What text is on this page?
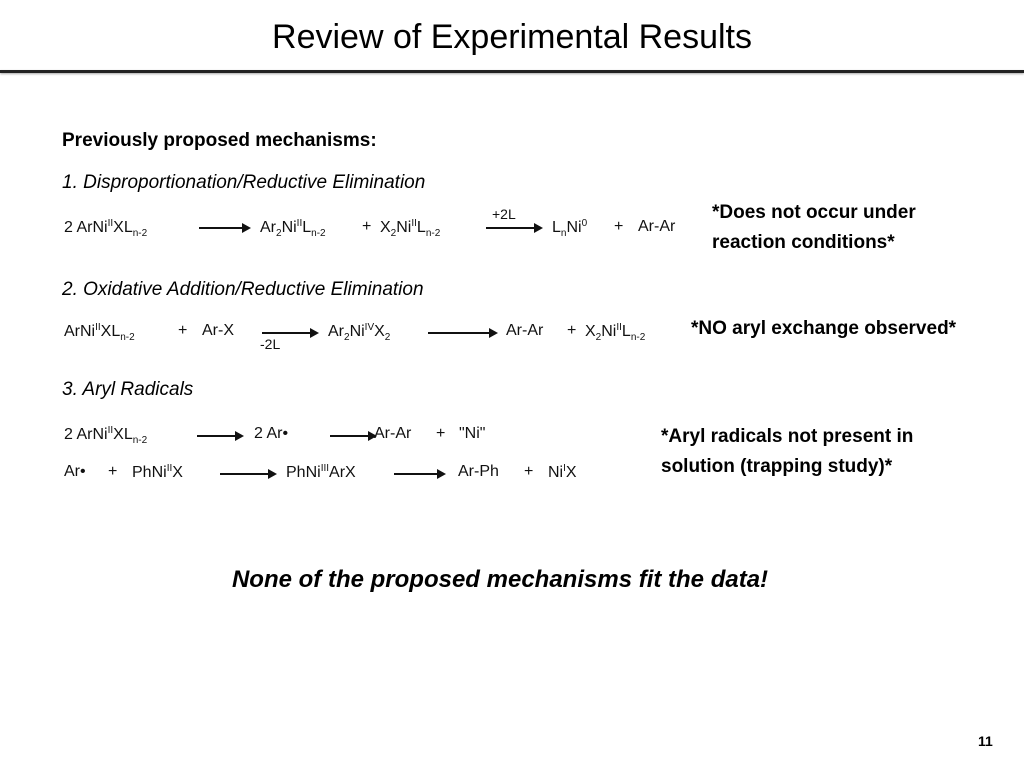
Review of Experimental Results
Previously proposed mechanisms:
1. Disproportionation/Reductive Elimination
2 $ArNi^{II}XL_{n-2}$	→ $Ar_2Ni^{II}L_{n-2} + X_2Ni^{II}L_{n-2}$
+2L
→ $L_nNi^0 + Ar-Ar$
*Does not occur under
reaction conditions*
2. Oxidative Addition/Reductive Elimination
$ArNi^{II}XL_{n-2}$	+ Ar-X
-2L
$Ar_2Ni^{IV}X_2$	$Ar-Ar + X_2Ni^{II}L_{n-2}$ *NO aryl exchange observed*
3. Aryl Radicals
2 $ArNi^{II}XL_{n-2}$	→ 2 Ar•	→ Ar-Ar + "Ni"
Ar• + PhNi$^{II}$X → PhNi$^{III}$ArX → $Ar-Ph + Ni^IX$
*Aryl radicals not present in
solution (trapping study)*
None of the proposed mechanisms fit the data!
11
